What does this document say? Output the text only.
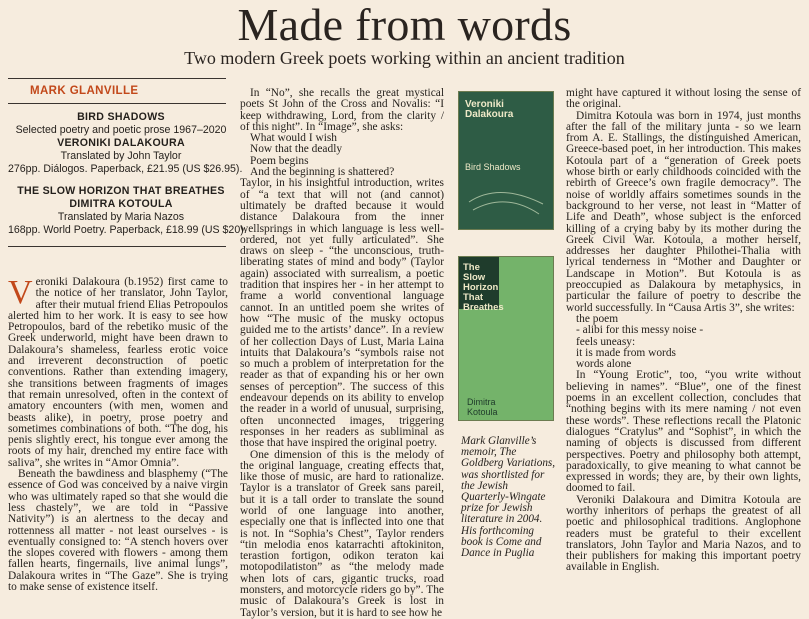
Made from words
Two modern Greek poets working within an ancient tradition
MARK GLANVILLE
BIRD SHADOWS
Selected poetry and poetic prose 1967–2020
VERONIKI DALAKOURA
Translated by John Taylor
276pp. Diálogos. Paperback, £21.95 (US $26.95).
THE SLOW HORIZON THAT BREATHES
DIMITRA KOTOULA
Translated by Maria Nazos
168pp. World Poetry. Paperback, £18.99 (US $20).

Veroniki Dalakoura (b.1952) first came to the notice of her translator, John Taylor, after their mutual friend Elias Petropoulos alerted him to her work. It is easy to see how Petropoulos, bard of the rebetiko music of the Greek underworld, might have been drawn to Dalakoura’s shameless, fearless erotic voice and irreverent deconstruction of poetic conventions. Rather than extending imagery, she transitions between fragments of images that remain unresolved, often in the context of amatory encounters (with men, women and beasts alike), in poetry, prose poetry and sometimes combinations of both. “The dog, his penis slightly erect, his tongue ever among the roots of my hair, drenched my entire face with saliva”, she writes in “Amor Omnia”.

Beneath the bawdiness and blasphemy (“The essence of God was conceived by a naive virgin who was ultimately raped so that she would die less chastely”, we are told in “Passive Nativity”) is an alertness to the decay and rottenness all matter - not least ourselves - is eventually consigned to: “A stench hovers over the slopes covered with flowers - among them fallen hearts, fingernails, live animal lungs”, Dalakoura writes in “The Gaze”. She is trying to make sense of existence itself.

In “No”, she recalls the great mystical poets St John of the Cross and Novalis: “I keep withdrawing, Lord, from the clarity / of this night”. In “Image”, she asks:

What would I wish
Now that the deadly
Poem begins
And the beginning is shattered?

Taylor, in his insightful introduction, writes of “a text that will not (and cannot) ultimately be drafted because it would distance Dalakoura from the inner wellsprings in which language is less well-ordered, not yet fully articulated”. She draws on sleep - “the unconscious, truth-liberating states of mind and body” (Taylor again) associated with surrealism, a poetic tradition that inspires her - in her attempt to frame a world conventional language cannot. In an untitled poem she writes of how “The music of the musky octopus guided me to the artists’ dance”. In a review of her collection Days of Lust, Maria Laina intuits that Dalakoura’s “symbols raise not so much a problem of interpretation for the reader as that of expanding his or her own senses of perception”. The success of this endeavour depends on its ability to envelop the reader in a world of unusual, surprising, often unconnected images, triggering responses in her readers as subliminal as those that have inspired the original poetry.

One dimension of this is the melody of the original language, creating effects that, like those of music, are hard to rationalize. Taylor is a translator of Greek sans pareil, but it is a tall order to translate the sound world of one language into another, especially one that is inflected into one that is not. In “Sophia’s Chest”, Taylor renders “tin melodia enos katarrachti aftokiniton, terastion fortigon, odikon teraton kai motopodilatiston” as “the melody made when lots of cars, gigantic trucks, road monsters, and motorcycle riders go by”. The music of Dalakoura’s Greek is lost in Taylor’s version, but it is hard to see how he

Veroniki Dalakoura
Bird Shadows
The Slow Horizon That Breathes
Dimitra Kotoula
Mark Glanville’s memoir, The Goldberg Variations, was shortlisted for the Jewish Quarterly-Wingate prize for Jewish literature in 2004. His forthcoming book is Come and Dance in Puglia

might have captured it without losing the sense of the original.

Dimitra Kotoula was born in 1974, just months after the fall of the military junta - so we learn from A. E. Stallings, the distinguished American, Greece-based poet, in her introduction. This makes Kotoula part of a “generation of Greek poets whose birth or early childhoods coincided with the rebirth of Greece’s own fragile democracy”. The noise of worldly affairs sometimes sounds in the background to her verse, not least in “Matter of Life and Death”, whose subject is the enforced killing of a crying baby by its mother during the Greek Civil War. Kotoula, a mother herself, addresses her daughter Philothei-Thalia with lyrical tenderness in “Mother and Daughter or Landscape in Motion”. But Kotoula is as preoccupied as Dalakoura by metaphysics, in particular the failure of poetry to describe the world successfully. In “Causa Artis 3”, she writes:

the poem
- alibi for this messy noise -
feels uneasy:
it is made from words
words alone

In “Young Erotic”, too, “you write without believing in names”. “Blue”, one of the finest poems in an excellent collection, concludes that “nothing begins with its mere naming / not even these words”. These reflections recall the Platonic dialogues “Cratylus” and “Sophist”, in which the naming of objects is discussed from different perspectives. Poetry and philosophy both attempt, paradoxically, to give meaning to what cannot be expressed in words; they are, by their own lights, doomed to fail.

Veroniki Dalakoura and Dimitra Kotoula are worthy inheritors of perhaps the greatest of all poetic and philosophical traditions. Anglophone readers must be grateful to their excellent translators, John Taylor and Maria Nazos, and to their publishers for making this important poetry available in English.
